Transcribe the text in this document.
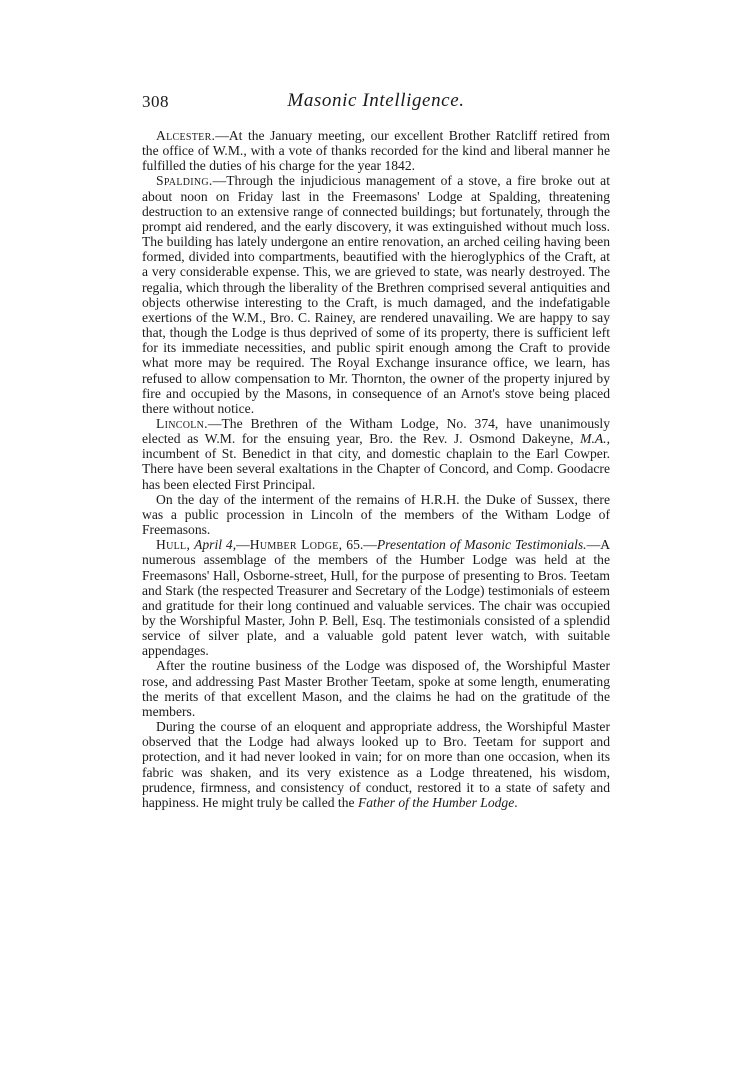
308	Masonic Intelligence.

Alcester.—At the January meeting, our excellent Brother Ratcliff retired from the office of W.M., with a vote of thanks recorded for the kind and liberal manner he fulfilled the duties of his charge for the year 1842.

Spalding.—Through the injudicious management of a stove, a fire broke out at about noon on Friday last in the Freemasons' Lodge at Spalding, threatening destruction to an extensive range of connected buildings; but fortunately, through the prompt aid rendered, and the early discovery, it was extinguished without much loss. The building has lately undergone an entire renovation, an arched ceiling having been formed, divided into compartments, beautified with the hieroglyphics of the Craft, at a very considerable expense. This, we are grieved to state, was nearly destroyed. The regalia, which through the liberality of the Brethren comprised several antiquities and objects otherwise interesting to the Craft, is much damaged, and the indefatigable exertions of the W.M., Bro. C. Rainey, are rendered unavailing. We are happy to say that, though the Lodge is thus deprived of some of its property, there is sufficient left for its immediate necessities, and public spirit enough among the Craft to provide what more may be required. The Royal Exchange insurance office, we learn, has refused to allow compensation to Mr. Thornton, the owner of the property injured by fire and occupied by the Masons, in consequence of an Arnot's stove being placed there without notice.

Lincoln.—The Brethren of the Witham Lodge, No. 374, have unanimously elected as W.M. for the ensuing year, Bro. the Rev. J. Osmond Dakeyne, M.A., incumbent of St. Benedict in that city, and domestic chaplain to the Earl Cowper. There have been several exaltations in the Chapter of Concord, and Comp. Goodacre has been elected First Principal.

On the day of the interment of the remains of H.R.H. the Duke of Sussex, there was a public procession in Lincoln of the members of the Witham Lodge of Freemasons.

Hull, April 4,—Humber Lodge, 65.—Presentation of Masonic Testimonials.—A numerous assemblage of the members of the Humber Lodge was held at the Freemasons' Hall, Osborne-street, Hull, for the purpose of presenting to Bros. Teetam and Stark (the respected Treasurer and Secretary of the Lodge) testimonials of esteem and gratitude for their long continued and valuable services. The chair was occupied by the Worshipful Master, John P. Bell, Esq. The testimonials consisted of a splendid service of silver plate, and a valuable gold patent lever watch, with suitable appendages.

After the routine business of the Lodge was disposed of, the Worshipful Master rose, and addressing Past Master Brother Teetam, spoke at some length, enumerating the merits of that excellent Mason, and the claims he had on the gratitude of the members.

During the course of an eloquent and appropriate address, the Worshipful Master observed that the Lodge had always looked up to Bro. Teetam for support and protection, and it had never looked in vain; for on more than one occasion, when its fabric was shaken, and its very existence as a Lodge threatened, his wisdom, prudence, firmness, and consistency of conduct, restored it to a state of safety and happiness. He might truly be called the Father of the Humber Lodge.
